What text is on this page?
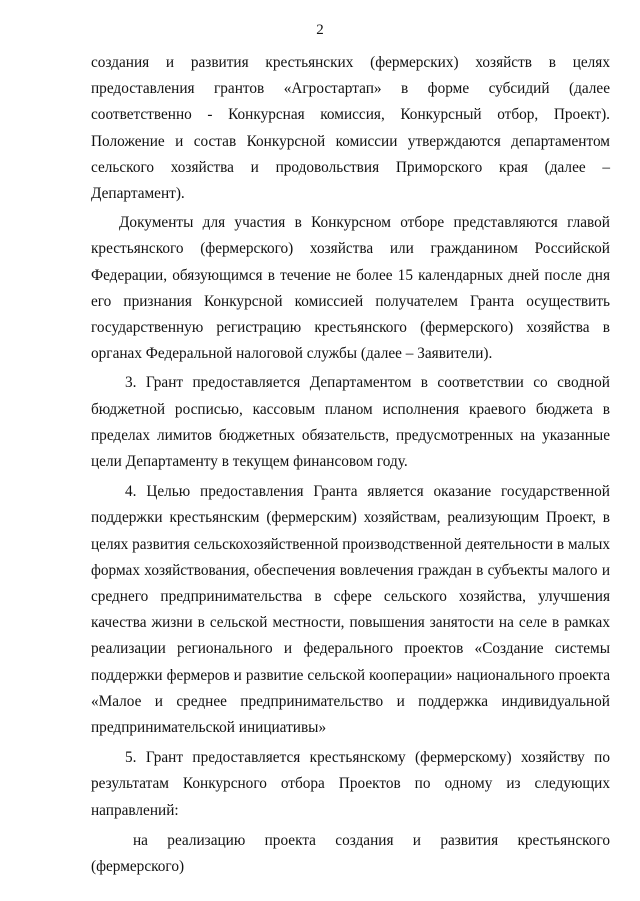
2

создания и развития крестьянских (фермерских) хозяйств в целях предоставления грантов «Агростартап» в форме субсидий (далее соответственно - Конкурсная комиссия, Конкурсный отбор, Проект). Положение и состав Конкурсной комиссии утверждаются департаментом сельского хозяйства и продовольствия Приморского края (далее – Департамент).

Документы для участия в Конкурсном отборе представляются главой крестьянского (фермерского) хозяйства или гражданином Российской Федерации, обязующимся в течение не более 15 календарных дней после дня его признания Конкурсной комиссией получателем Гранта осуществить государственную регистрацию крестьянского (фермерского) хозяйства в органах Федеральной налоговой службы (далее – Заявители).

3. Грант предоставляется Департаментом в соответствии со сводной бюджетной росписью, кассовым планом исполнения краевого бюджета в пределах лимитов бюджетных обязательств, предусмотренных на указанные цели Департаменту в текущем финансовом году.

4. Целью предоставления Гранта является оказание государственной поддержки крестьянским (фермерским) хозяйствам, реализующим Проект, в целях развития сельскохозяйственной производственной деятельности в малых формах хозяйствования, обеспечения вовлечения граждан в субъекты малого и среднего предпринимательства в сфере сельского хозяйства, улучшения качества жизни в сельской местности, повышения занятости на селе в рамках реализации регионального и федерального проектов «Создание системы поддержки фермеров и развитие сельской кооперации» национального проекта «Малое и среднее предпринимательство и поддержка индивидуальной предпринимательской инициативы»

5. Грант предоставляется крестьянскому (фермерскому) хозяйству по результатам Конкурсного отбора Проектов по одному из следующих направлений:

на реализацию проекта создания и развития крестьянского (фермерского)
